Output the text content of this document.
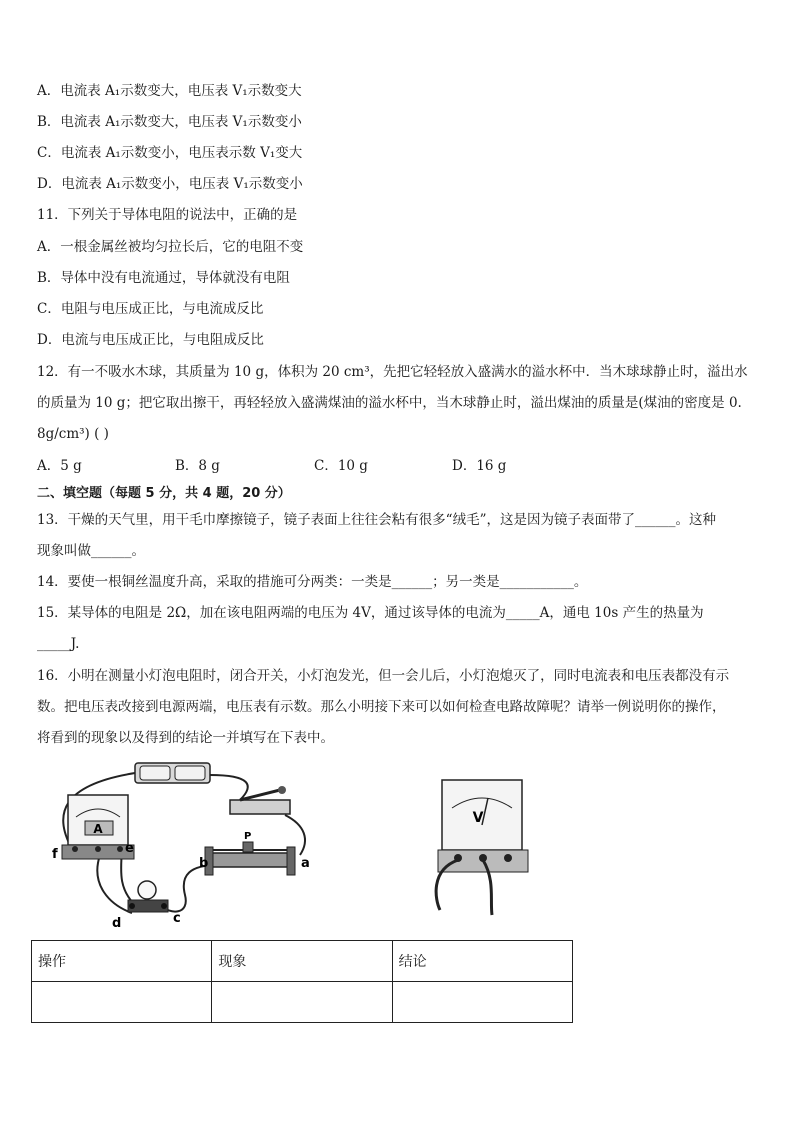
A．电流表 A₁示数变大，电压表 V₁示数变大
B．电流表 A₁示数变大，电压表 V₁示数变小
C．电流表 A₁示数变小，电压表示数 V₁变大
D．电流表 A₁示数变小，电压表 V₁示数变小
11．下列关于导体电阻的说法中，正确的是
A．一根金属丝被均匀拉长后，它的电阻不变
B．导体中没有电流通过，导体就没有电阻
C．电阻与电压成正比，与电流成反比
D．电流与电压成正比，与电阻成反比
12．有一不吸水木球，其质量为 10 g，体积为 20 cm³，先把它轻轻放入盛满水的溢水杯中．当木球球静止时，溢出水
的质量为 10 g；把它取出擦干，再轻轻放入盛满煤油的溢水杯中，当木球静止时，溢出煤油的质量是(煤油的密度是 0.
8g/cm³) ( )
A．5 g	B．8 g	C．10 g	D．16 g
二、填空题（每题 5 分，共 4 题，20 分）
13．干燥的天气里，用干毛巾摩擦镜子，镜子表面上往往会粘有很多“绒毛”，这是因为镜子表面带了______。这种
现象叫做______。
14．要使一根铜丝温度升高，采取的措施可分两类：一类是______；另一类是___________。
15．某导体的电阻是 2Ω，加在该电阻两端的电压为 4V，通过该导体的电流为_____A，通电 10s 产生的热量为
_____J.
16．小明在测量小灯泡电阻时，闭合开关，小灯泡发光，但一会儿后，小灯泡熄灭了，同时电流表和电压表都没有示
数。把电压表改接到电源两端，电压表有示数。那么小明接下来可以如何检查电路故障呢？请举一例说明你的操作，
将看到的现象以及得到的结论一并填写在下表中。
A
f	e
P
b	a
d	c
V
操作	现象	结论
